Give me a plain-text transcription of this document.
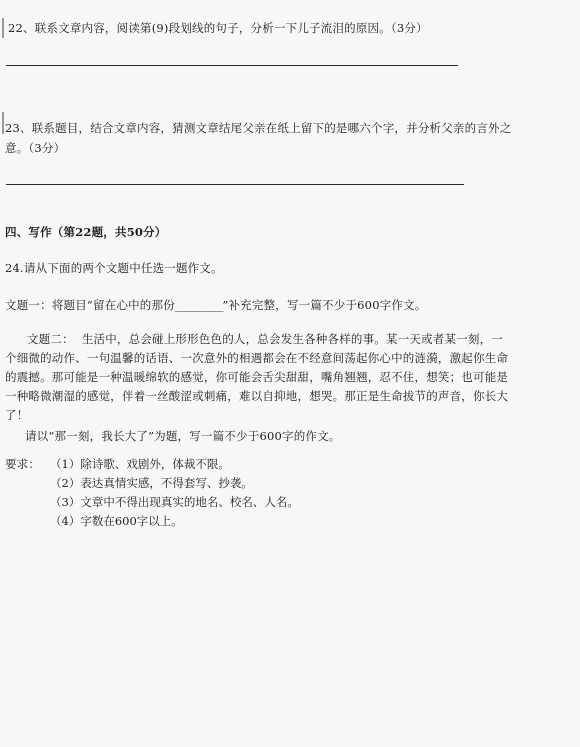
22、联系文章内容，阅读第(9)段划线的句子，分析一下儿子流泪的原因。（3分）
23、联系题目，结合文章内容，猜测文章结尾父亲在纸上留下的是哪六个字，并分析父亲的言外之
意。（3分）
四、写作（第22题，共50分）
24.请从下面的两个文题中任选一题作文。
文题一：将题目“留在心中的那份__________”补充完整，写一篇不少于600字作文。
文题二： 生活中，总会碰上形形色色的人，总会发生各种各样的事。某一天或者某一刻，一
个细微的动作、一句温馨的话语、一次意外的相遇都会在不经意间荡起你心中的涟漪，激起你生命
的震撼。那可能是一种温暖绵软的感觉，你可能会舌尖甜甜，嘴角翘翘，忍不住，想笑；也可能是
一种略微潮湿的感觉，伴着一丝酸涩或刺痛，难以自抑地，想哭。那正是生命拔节的声音，你长大
了！
请以“那一刻，我长大了”为题，写一篇不少于600字的作文。
要求： （1）除诗歌、戏剧外，体裁不限。
（2）表达真情实感，不得套写、抄袭。
（3）文章中不得出现真实的地名、校名、人名。
（4）字数在600字以上。
